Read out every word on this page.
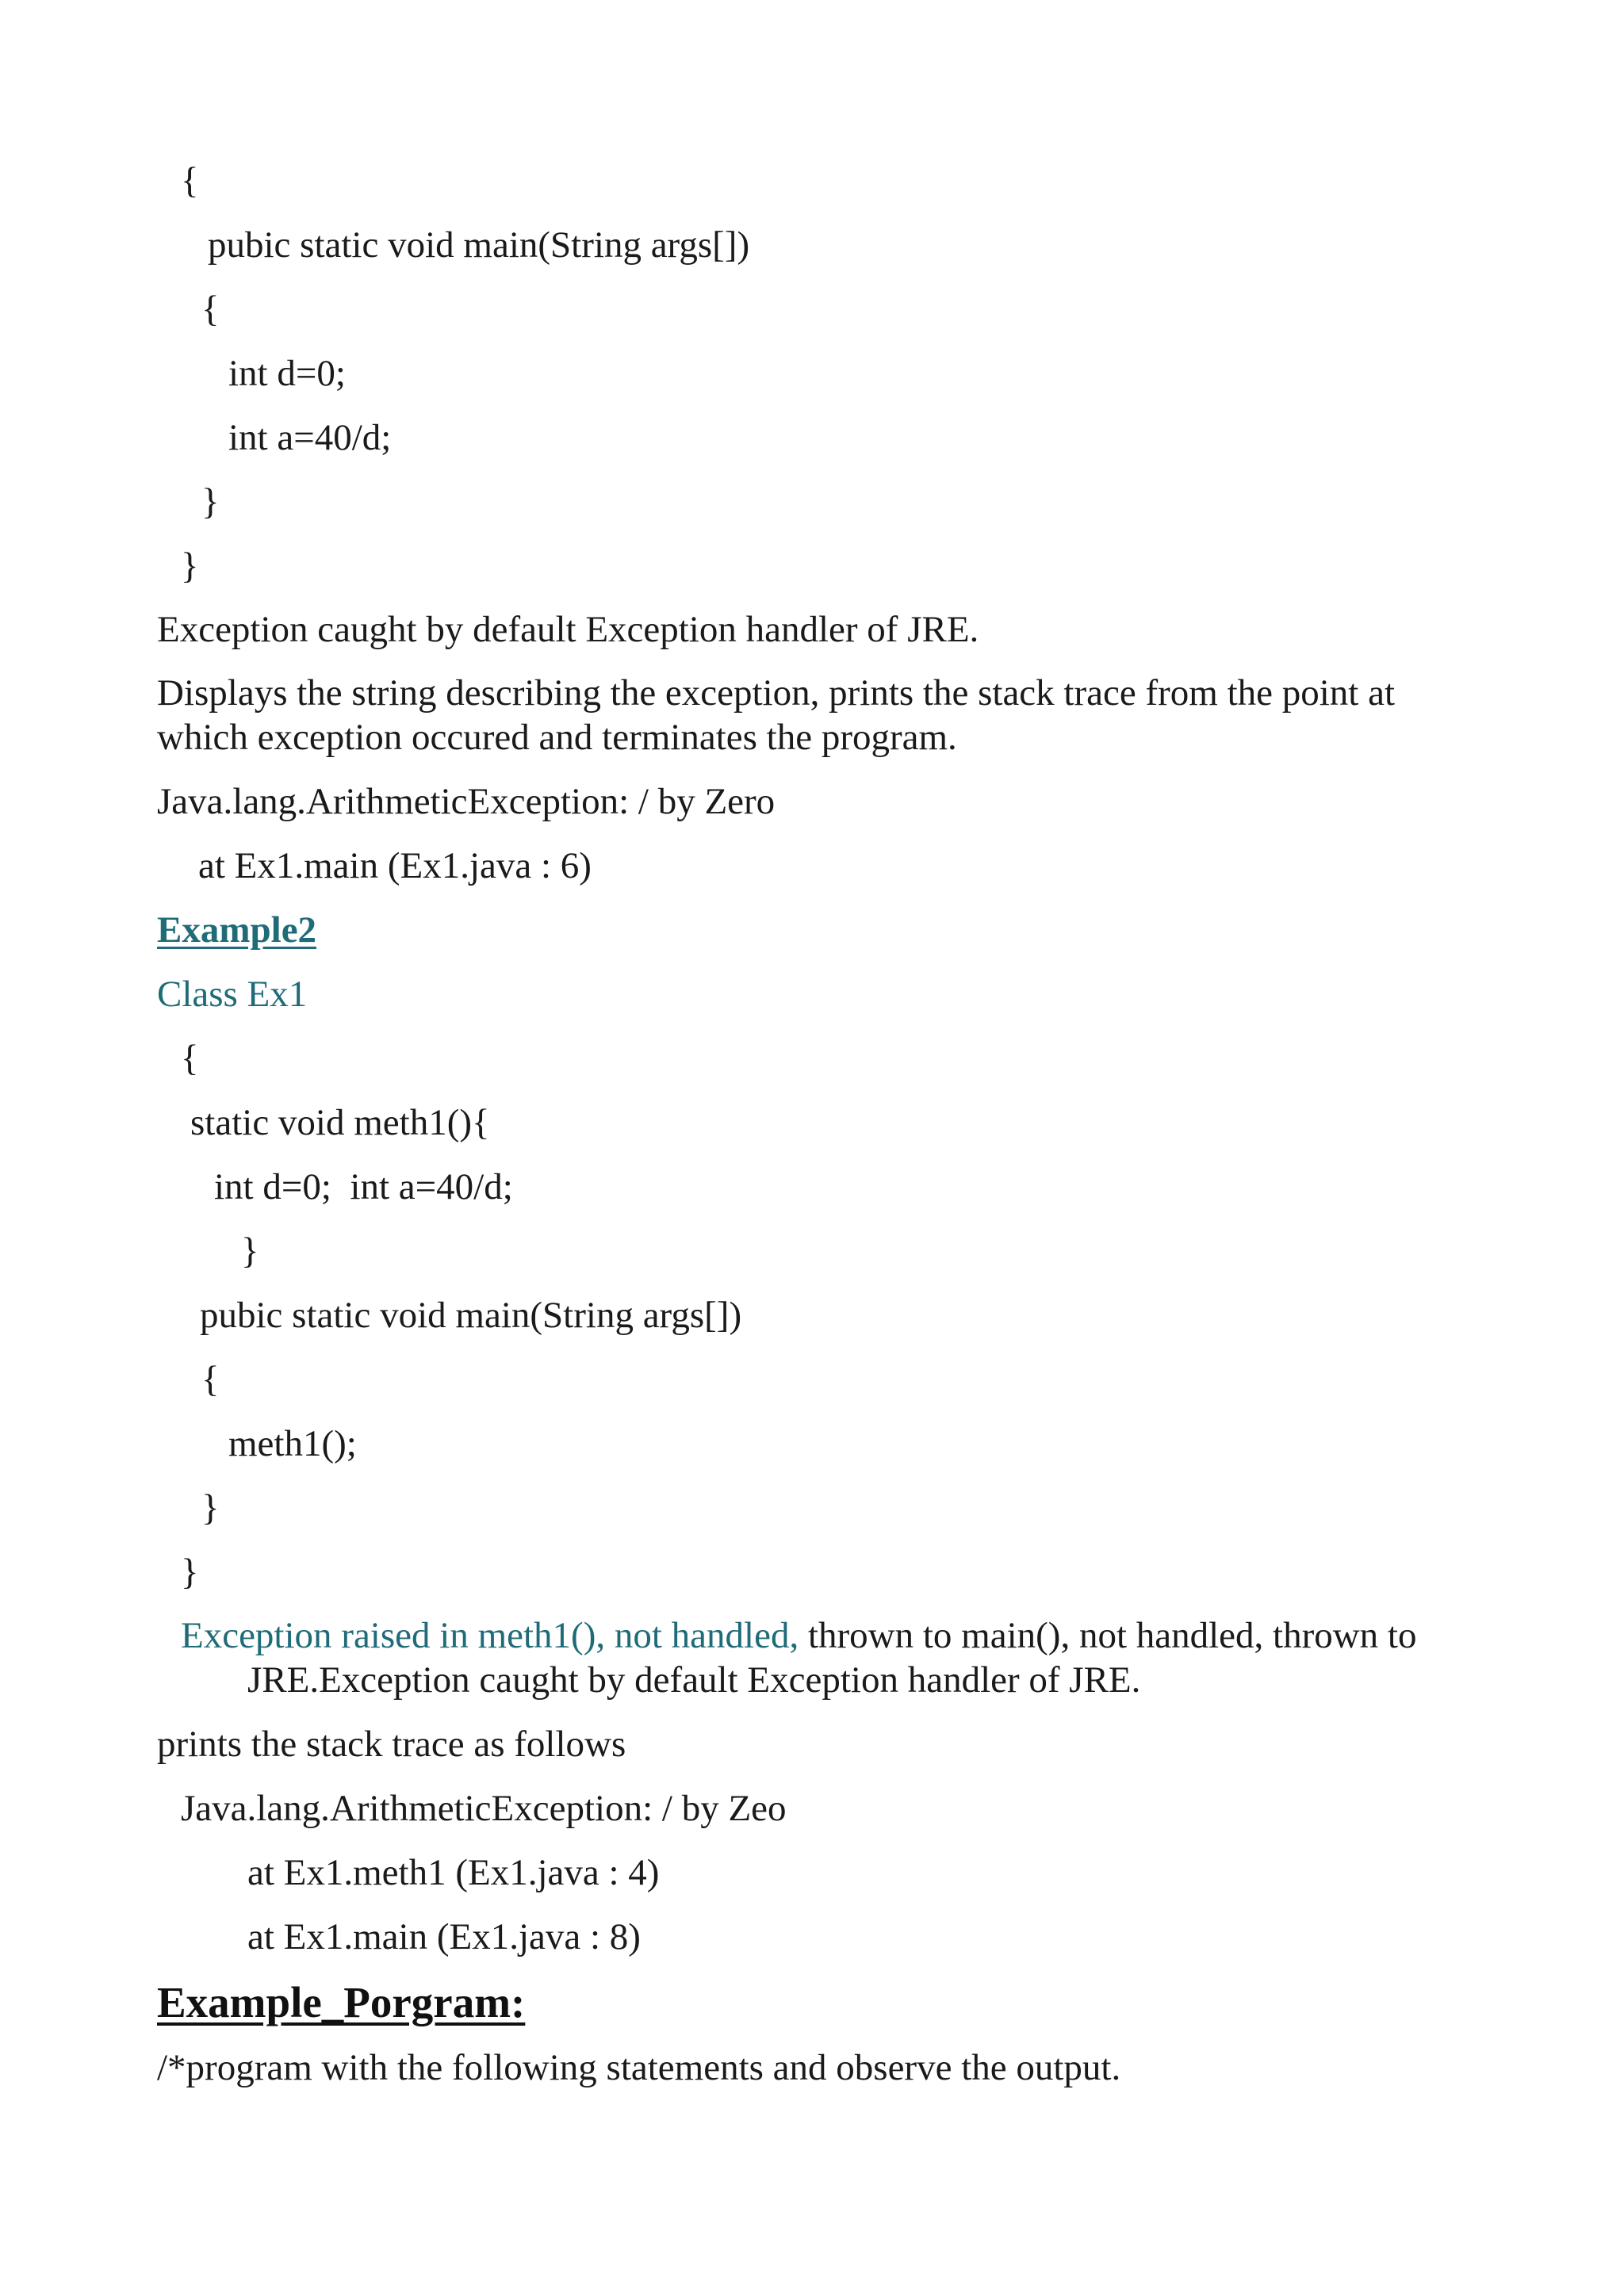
{
pubic static void main(String args[])
{
int d=0;
int a=40/d;
}
}
Exception caught by default Exception handler of JRE.
Displays the string describing the exception, prints the stack trace from the point at which exception occured and terminates the program.
Java.lang.ArithmeticException: / by Zero
at Ex1.main (Ex1.java : 6)
Example2
Class Ex1
{
static void meth1(){
int d=0;  int a=40/d;
}
pubic static void main(String args[])
{
meth1();
}
}
Exception raised in meth1(), not handled, thrown to main(), not handled, thrown to JRE.Exception caught by default Exception handler of JRE.
prints the stack trace as follows
Java.lang.ArithmeticException: / by Zeo
at Ex1.meth1 (Ex1.java : 4)
at Ex1.main (Ex1.java : 8)
Example_Porgram:
/*program with the following statements and observe the output.
